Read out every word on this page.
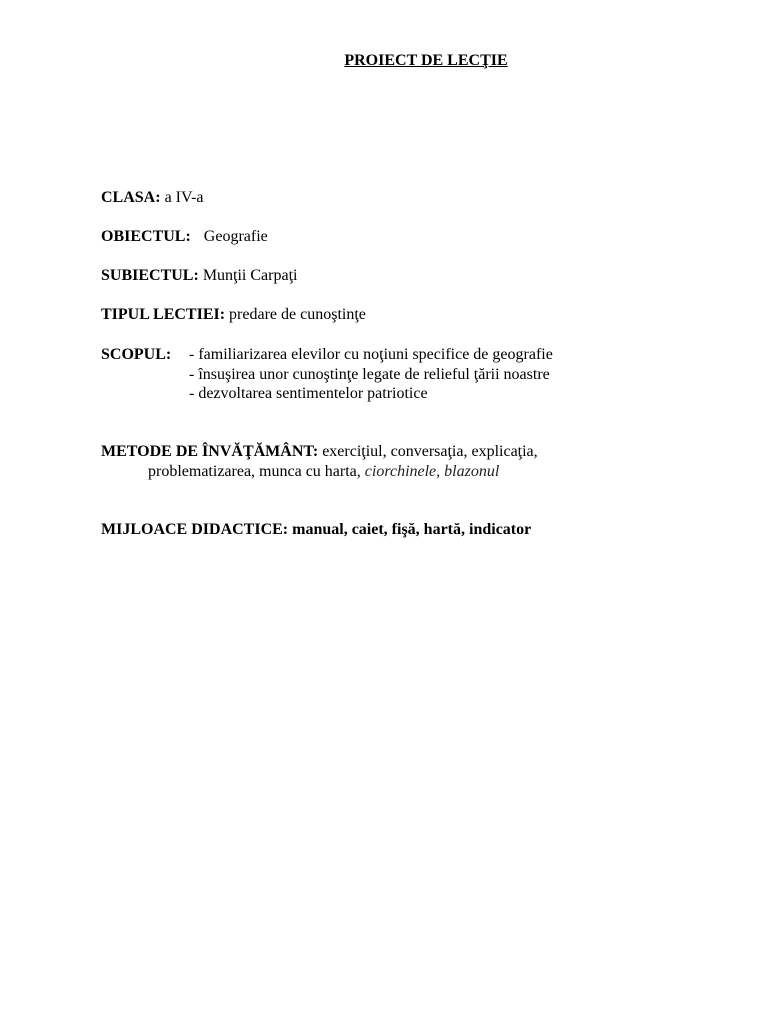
PROIECT DE LECŢIE
CLASA: a IV-a
OBIECTUL: Geografie
SUBIECTUL: Munţii Carpaţi
TIPUL LECTIEI: predare de cunoştinţe
SCOPUL: - familiarizarea elevilor cu noţiuni specifice de geografie
- însuşirea unor cunoştinţe legate de relieful ţării noastre
- dezvoltarea sentimentelor patriotice
METODE DE ÎNVĂŢĂMÂNT: exerciţiul, conversaţia, explicaţia,
problematizarea, munca cu harta, ciorchinele, blazonul
MIJLOACE DIDACTICE: manual, caiet, fişă, hartă, indicator
